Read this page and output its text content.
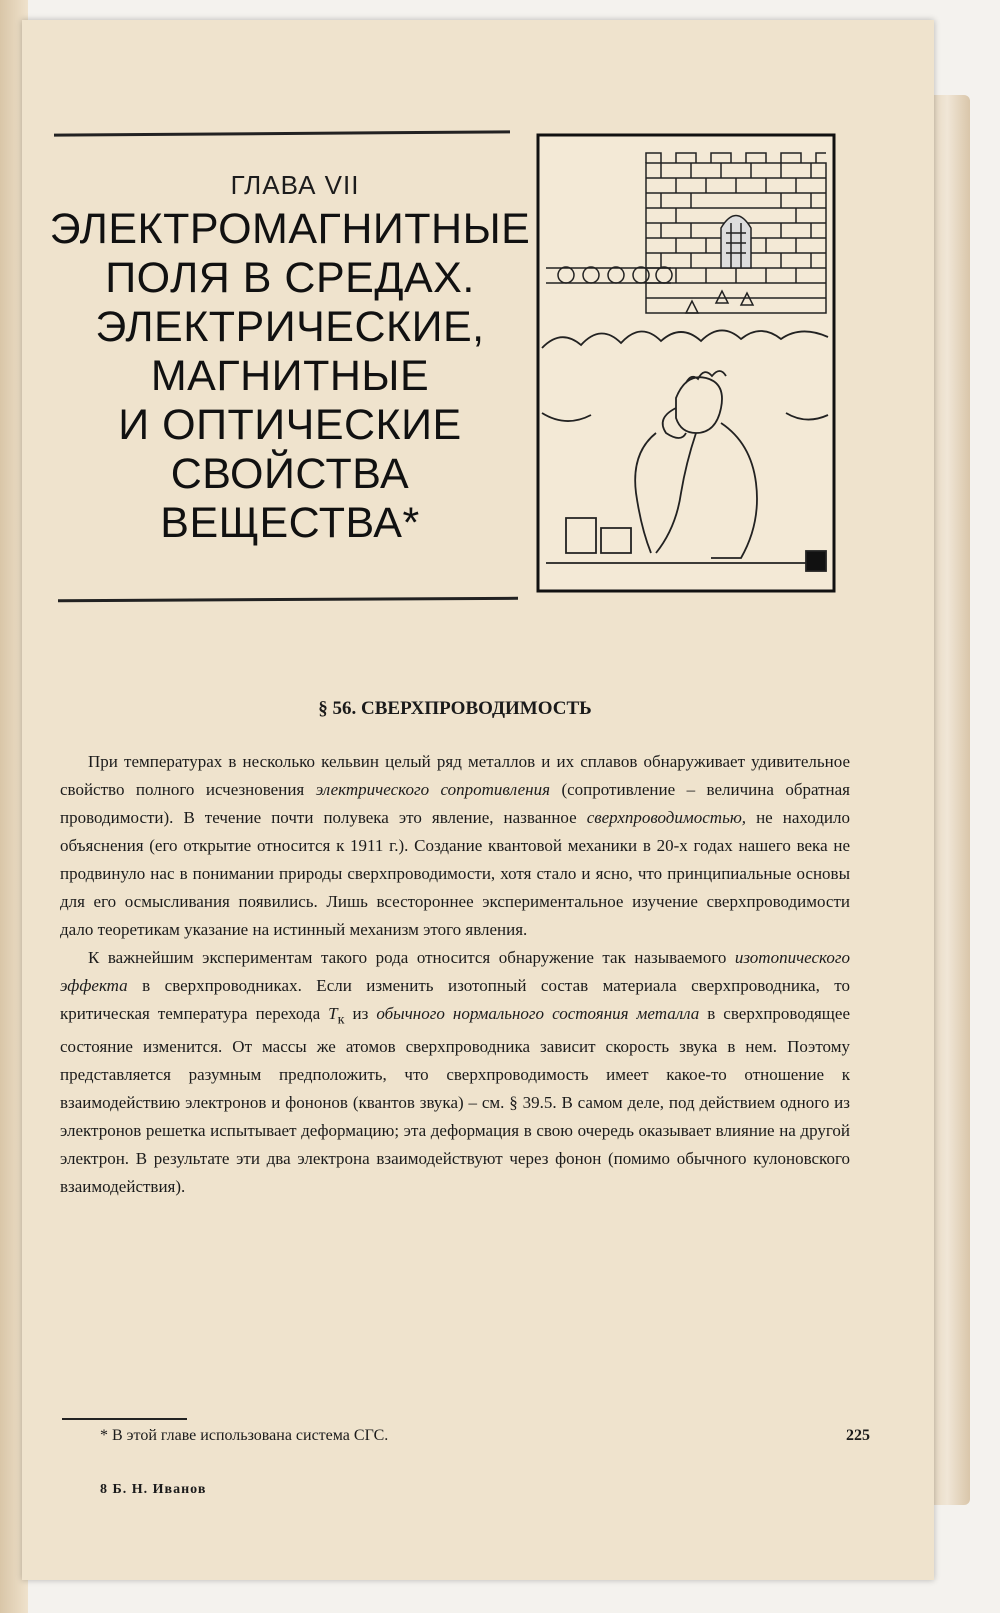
ГЛАВА VII
ЭЛЕКТРОМАГНИТНЫЕ
ПОЛЯ В СРЕДАХ.
ЭЛЕКТРИЧЕСКИЕ,
МАГНИТНЫЕ
И ОПТИЧЕСКИЕ
СВОЙСТВА
ВЕЩЕСТВА*
§ 56. СВЕРХПРОВОДИМОСТЬ

При температурах в несколько кельвин целый ряд металлов и их сплавов обнаруживает удивительное свойство полного исчезновения электрического сопротивления (сопротивление – величина обратная проводимости). В течение почти полувека это явление, названное сверхпроводимостью, не находило объяснения (его открытие относится к 1911 г.). Создание квантовой механики в 20-х годах нашего века не продвинуло нас в понимании природы сверхпроводимости, хотя стало и ясно, что принципиальные основы для его осмысливания появились. Лишь всестороннее экспериментальное изучение сверхпроводимости дало теоретикам указание на истинный механизм этого явления.

К важнейшим экспериментам такого рода относится обнаружение так называемого изотопического эффекта в сверхпроводниках. Если изменить изотопный состав материала сверхпроводника, то критическая температура перехода $T_к$ из обычного нормального состояния металла в сверхпроводящее состояние изменится. От массы же атомов сверхпроводника зависит скорость звука в нем. Поэтому представляется разумным предположить, что сверхпроводимость имеет какое-то отношение к взаимодействию электронов и фононов (квантов звука) – см. § 39.5. В самом деле, под действием одного из электронов решетка испытывает деформацию; эта деформация в свою очередь оказывает влияние на другой электрон. В результате эти два электрона взаимодействуют через фонон (помимо обычного кулоновского взаимодействия).

* В этой главе использована система СГС.	225
8 Б. Н. Иванов
